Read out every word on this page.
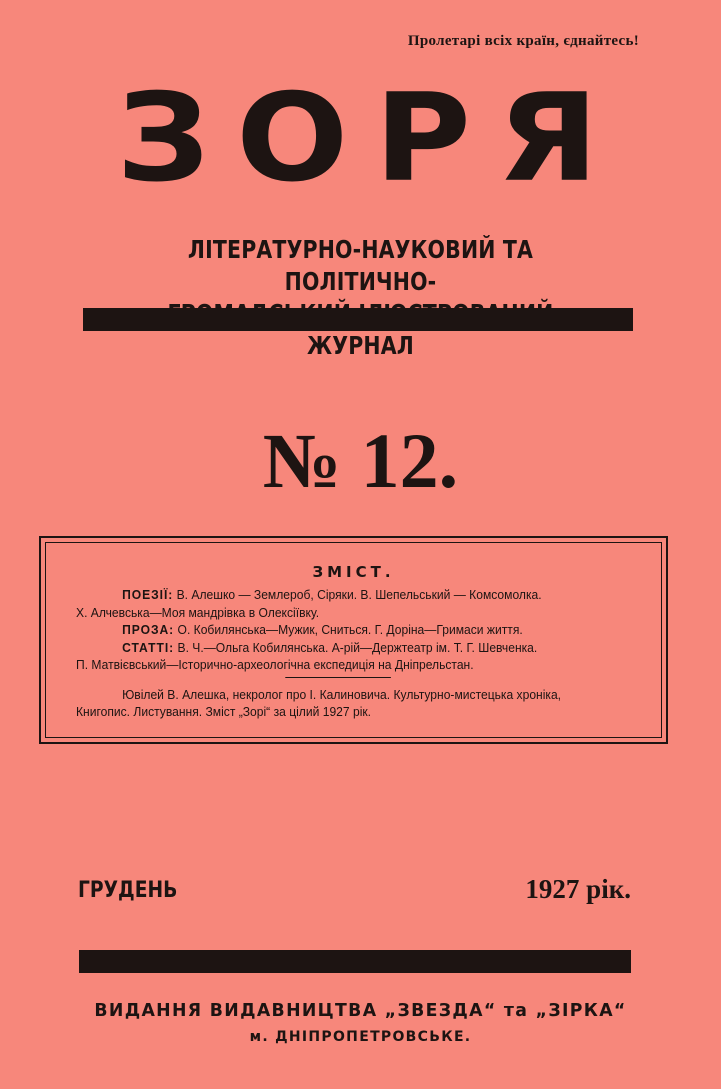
Пролетарі всіх країн, єднайтесь!
ЗОРЯ
ЛІТЕРАТУРНО-НАУКОВИЙ ТА ПОЛІТИЧНО-
ЖУРНАЛ
№ 12.
ЗМІСТ.
ПОЕЗІЇ: В. Алешко — Землероб, Сіряки. В. Шепельський — Комсомолка.
Х. Алчевська—Моя мандрівка в Олексіївку.
ПРОЗА: О. Кобилянська—Мужик, Сниться. Г. Доріна—Гримаси життя.
СТАТТІ: В. Ч.—Ольга Кобилянська. А-рій—Держтеатр ім. Т. Г. Шевченка.
П. Матвієвський—Історично-археологічна експедиція на Дніпрельстан.
Ювілей В. Алешка, некролог про І. Калиновича. Культурно-мистецька хроніка,
Книгопис. Листування. Зміст „Зорі“ за цілий 1927 рік.
ГРУДЕНЬ	1927 рік.
ВИДАННЯ ВИДАВНИЦТВА „ЗВЕЗДА“ та „ЗІРКА“
м. ДНІПРОПЕТРОВСЬКЕ.
